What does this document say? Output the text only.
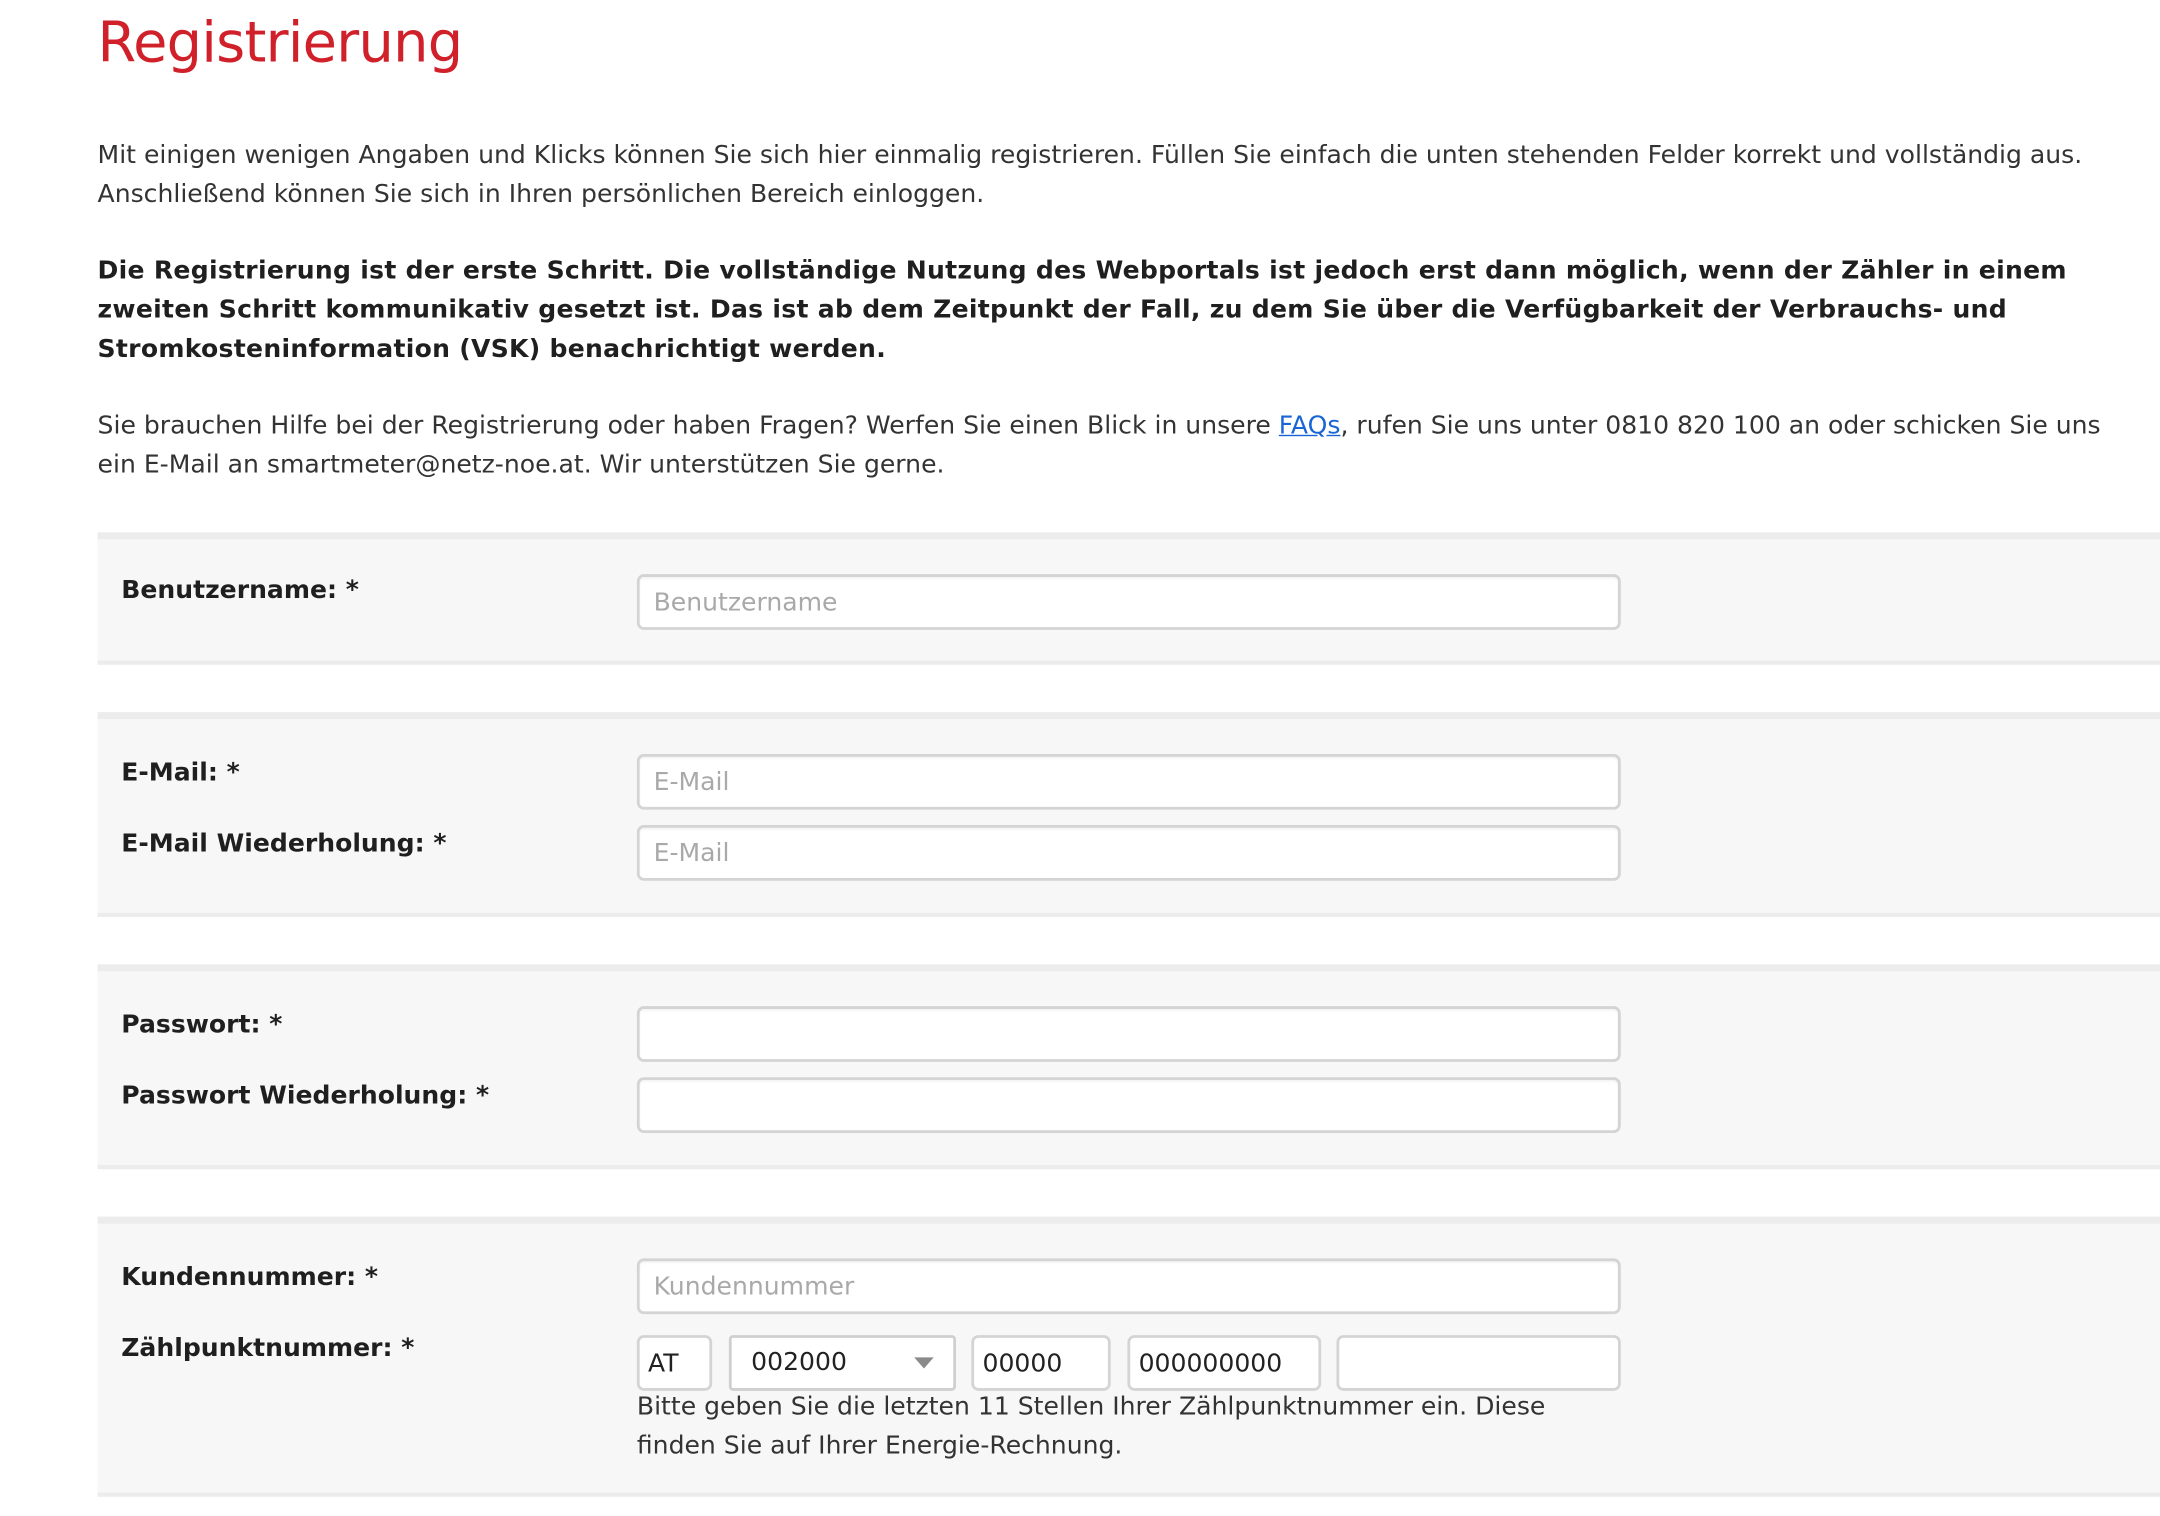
Registrierung

Mit einigen wenigen Angaben und Klicks können Sie sich hier einmalig registrieren. Füllen Sie einfach die unten stehenden Felder korrekt und vollständig aus. Anschließend können Sie sich in Ihren persönlichen Bereich einloggen.

Die Registrierung ist der erste Schritt. Die vollständige Nutzung des Webportals ist jedoch erst dann möglich, wenn der Zähler in einem zweiten Schritt kommunikativ gesetzt ist. Das ist ab dem Zeitpunkt der Fall, zu dem Sie über die Verfügbarkeit der Verbrauchs- und Stromkosteninformation (VSK) benachrichtigt werden.

Sie brauchen Hilfe bei der Registrierung oder haben Fragen? Werfen Sie einen Blick in unsere FAQs, rufen Sie uns unter 0810 820 100 an oder schicken Sie uns ein E-Mail an smartmeter@netz-noe.at. Wir unterstützen Sie gerne.

Benutzername: *
Benutzername
E-Mail: *
E-Mail
E-Mail Wiederholung: *
E-Mail
Passwort: *
Passwort Wiederholung: *
Kundennummer: *
Kundennummer
Zählpunktnummer: *
AT	002000
00000
000000000

Bitte geben Sie die letzten 11 Stellen Ihrer Zählpunktnummer ein. Diese finden Sie auf Ihrer Energie-Rechnung.
